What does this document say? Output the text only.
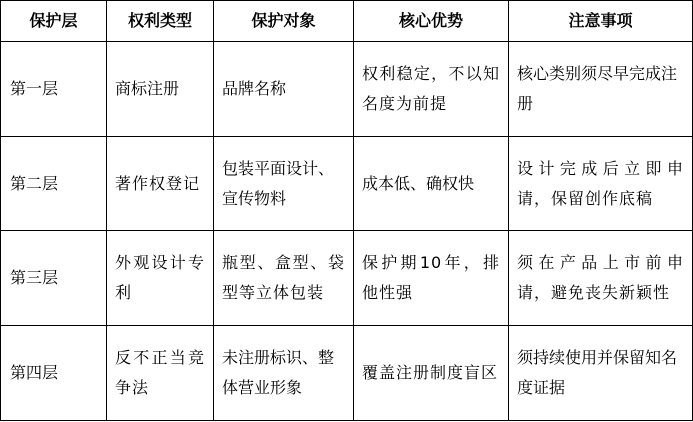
保护层	权利类型	保护对象	核心优势	注意事项
第一层	商标注册	品牌名称	权利稳定，不以知名度为前提	核心类别须尽早完成注册
第二层	著作权登记	包装平面设计、宣传物料	成本低、确权快	设计完成后立即申请，保留创作底稿
第三层	外观设计专利	瓶型、盒型、袋型等立体包装	保护期10年，排他性强	须在产品上市前申请，避免丧失新颖性
第四层	反不正当竞争法	未注册标识、整体营业形象	覆盖注册制度盲区	须持续使用并保留知名度证据
